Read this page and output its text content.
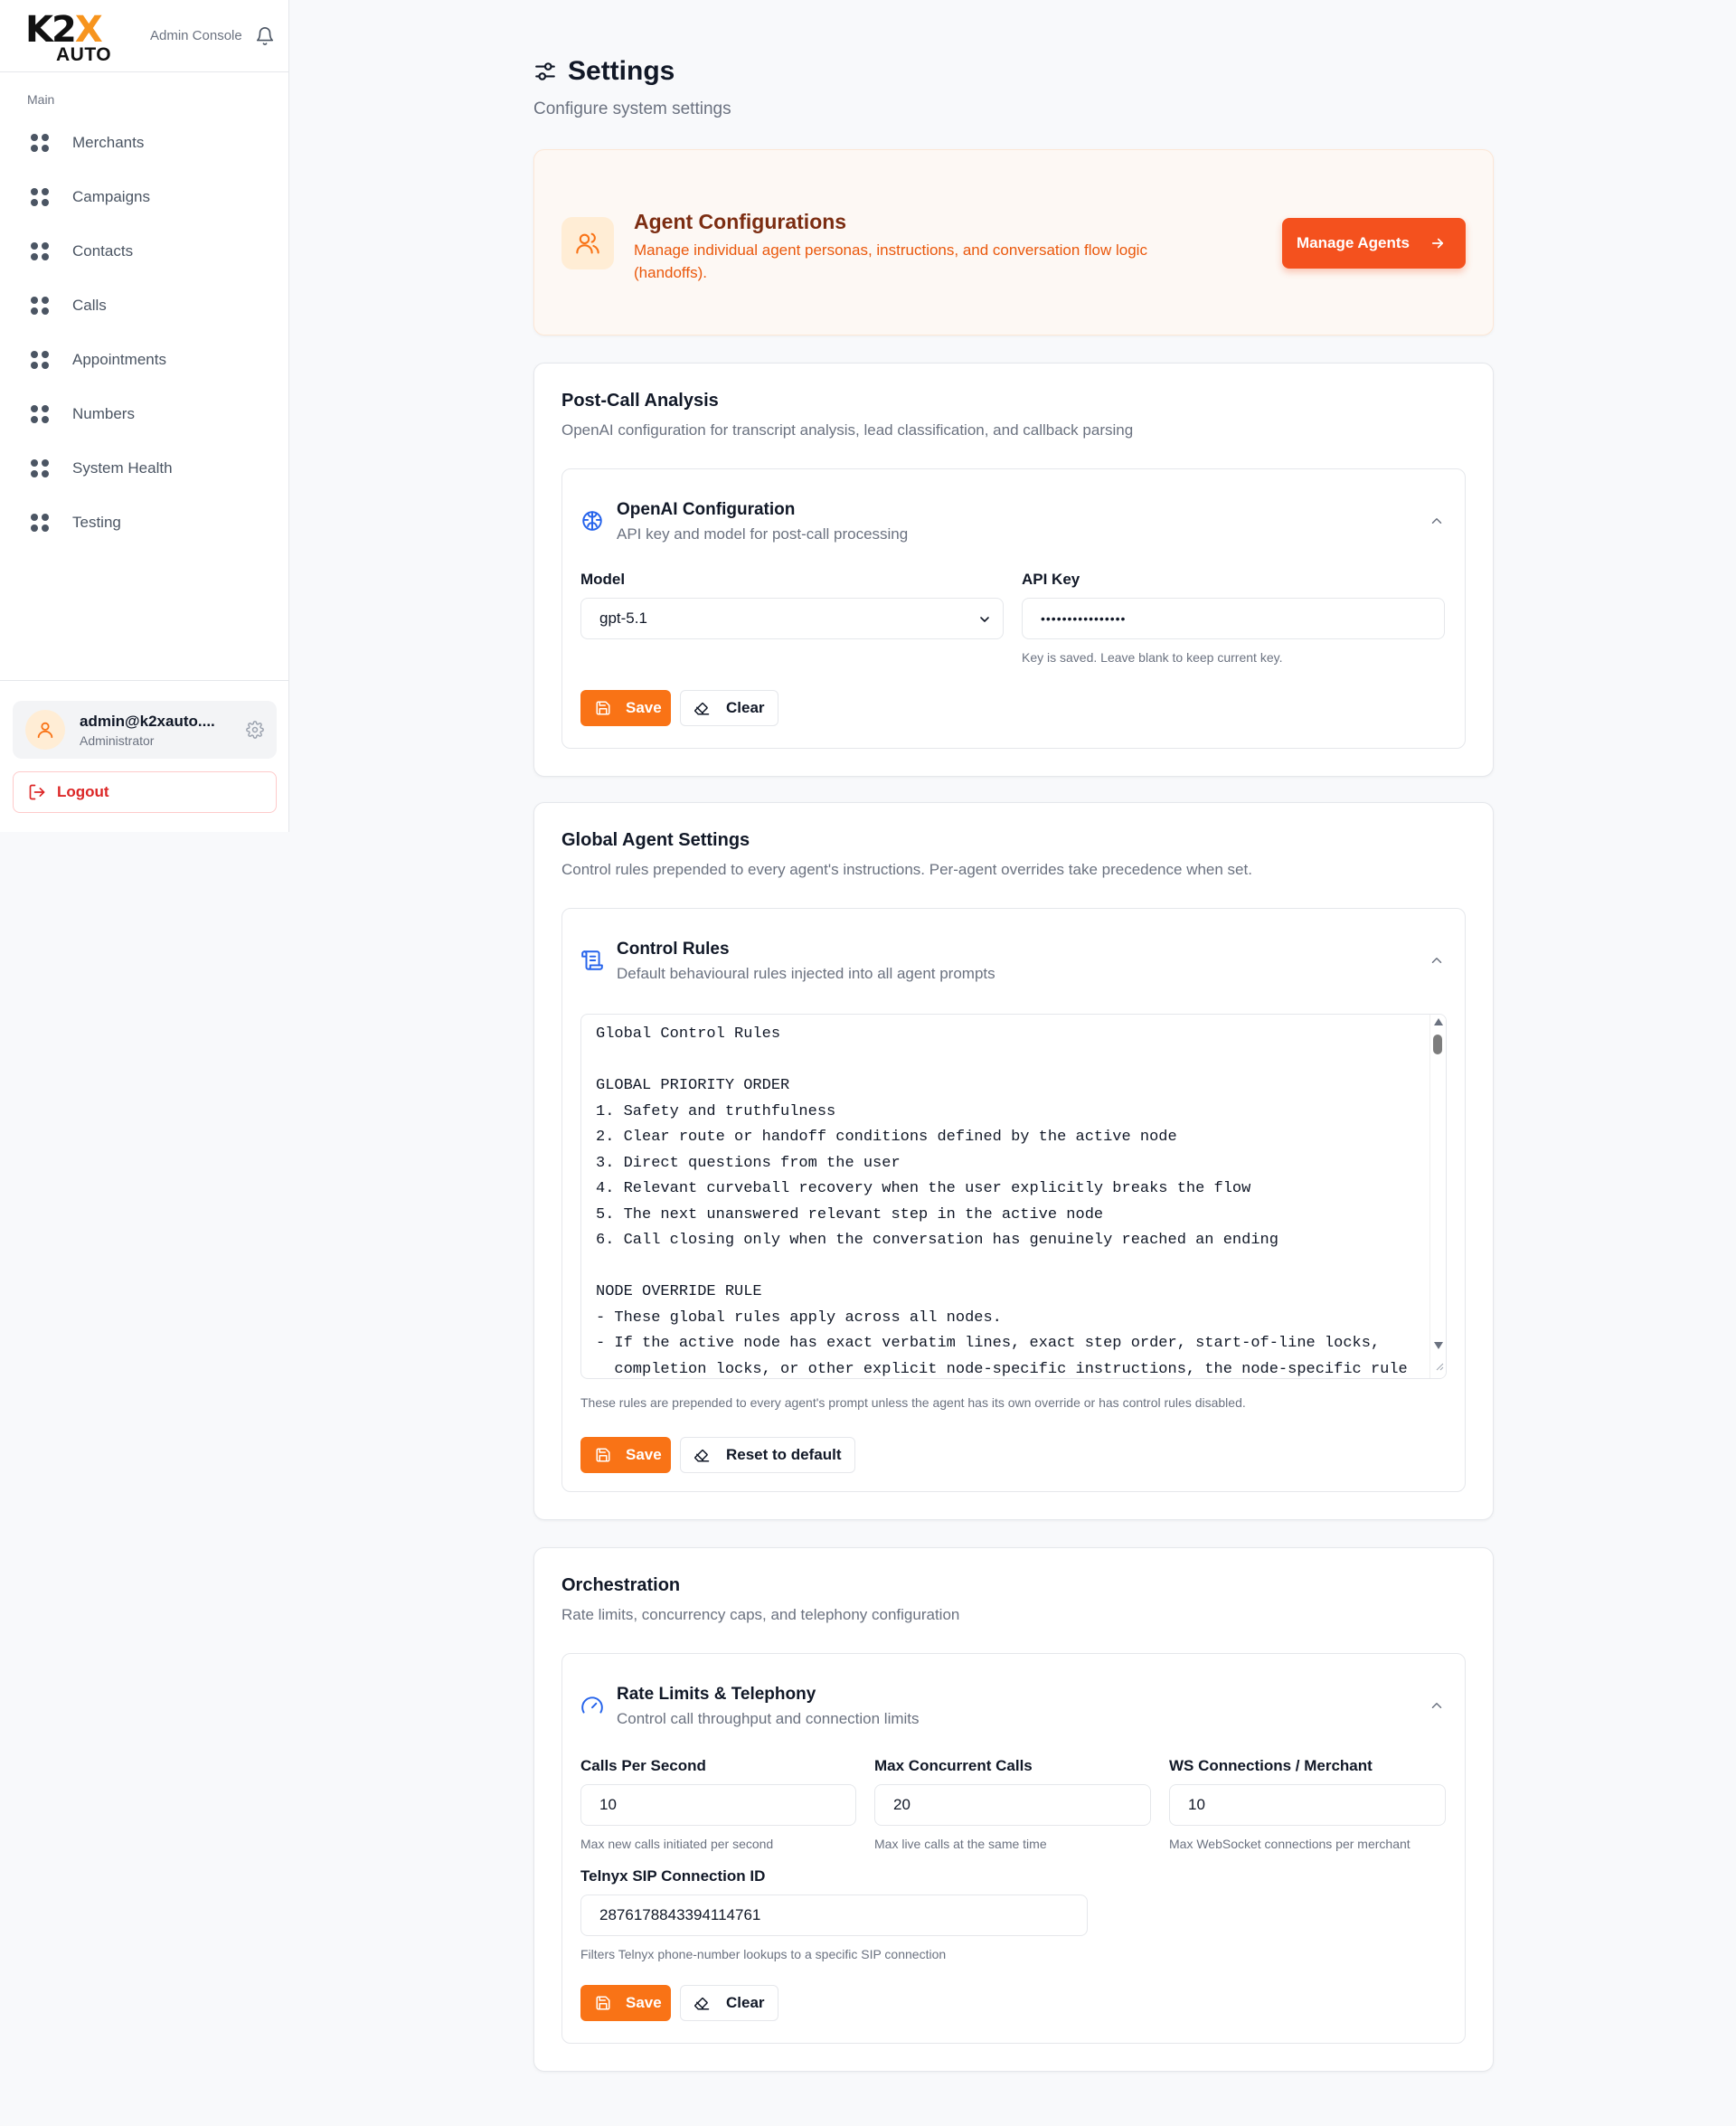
K2X
AUTO
Admin Console
Main
Merchants
Campaigns
Contacts
Calls
Appointments
Numbers
System Health
Testing
admin@k2xauto....
Administrator
Logout
Settings
Configure system settings
Agent Configurations
Manage individual agent personas, instructions, and conversation flow logic (handoffs).
Manage Agents
Post-Call Analysis
OpenAI configuration for transcript analysis, lead classification, and callback parsing
OpenAI Configuration
API key and model for post-call processing
Model
gpt-5.1
API Key
••••••••••••••••
Key is saved. Leave blank to keep current key.
Save	Clear
Global Agent Settings
Control rules prepended to every agent's instructions. Per-agent overrides take precedence when set.
Control Rules
Default behavioural rules injected into all agent prompts
Global Control Rules

GLOBAL PRIORITY ORDER
1. Safety and truthfulness
2. Clear route or handoff conditions defined by the active node
3. Direct questions from the user
4. Relevant curveball recovery when the user explicitly breaks the flow
5. The next unanswered relevant step in the active node
6. Call closing only when the conversation has genuinely reached an ending

NODE OVERRIDE RULE
- These global rules apply across all nodes.
- If the active node has exact verbatim lines, exact step order, start-of-line locks,
completion locks, or other explicit node-specific instructions, the node-specific rule
These rules are prepended to every agent's prompt unless the agent has its own override or has control rules disabled.
Save	Reset to default
Orchestration
Rate limits, concurrency caps, and telephony configuration
Rate Limits & Telephony
Control call throughput and connection limits
Calls Per Second
10
Max new calls initiated per second
Max Concurrent Calls
20
Max live calls at the same time
WS Connections / Merchant
10
Max WebSocket connections per merchant
Telnyx SIP Connection ID
2876178843394114761
Filters Telnyx phone-number lookups to a specific SIP connection
Save	Clear
